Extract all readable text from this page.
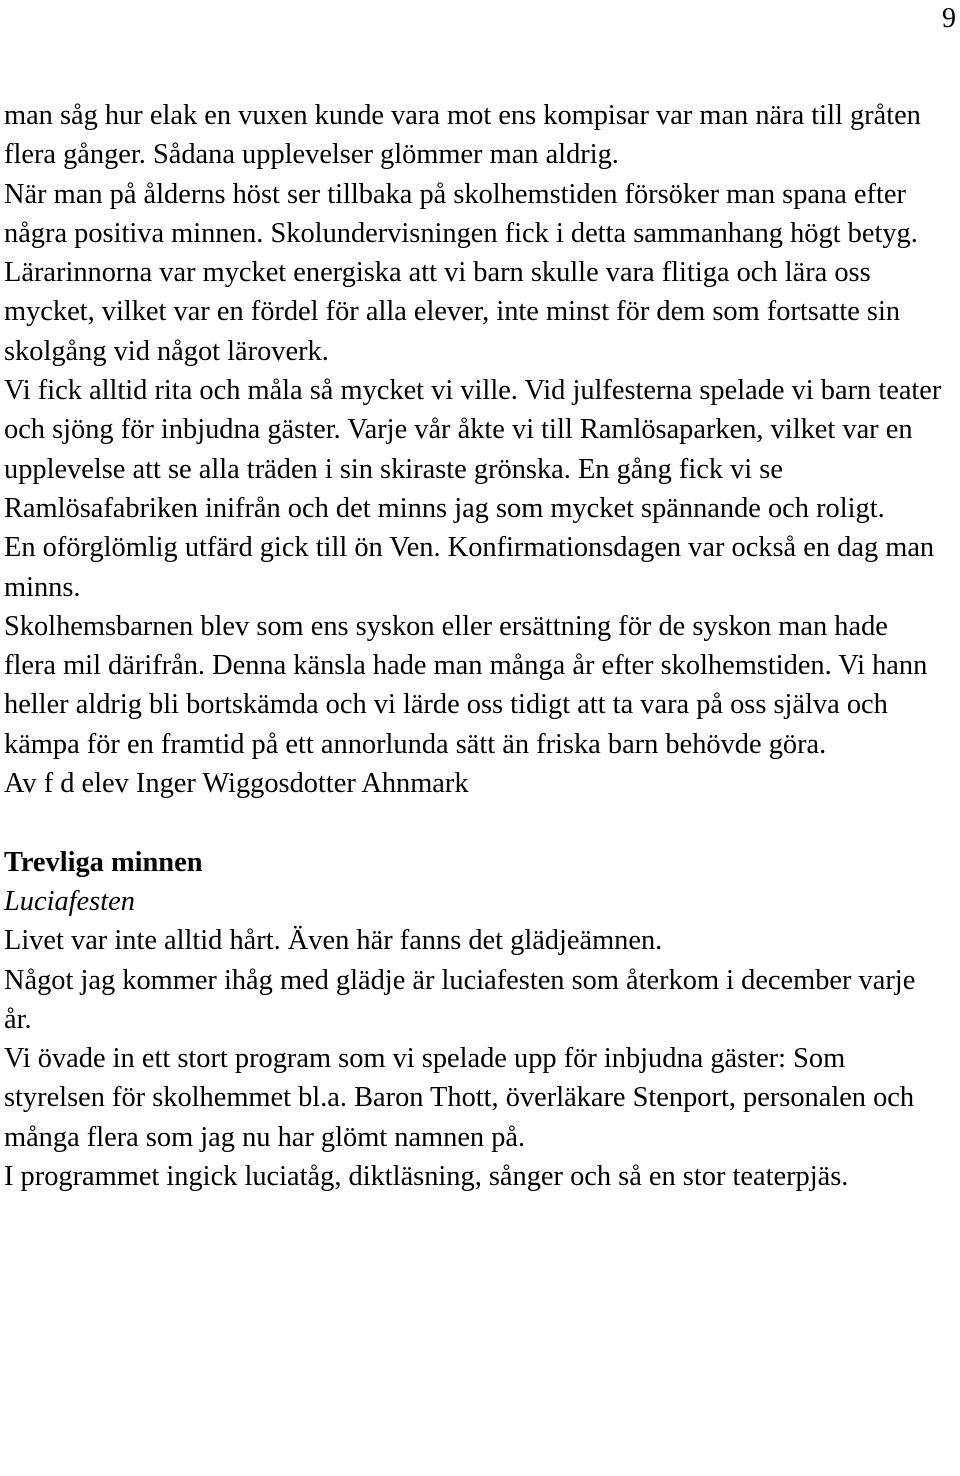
9

man såg hur elak en vuxen kunde vara mot ens kompisar var man nära till gråten flera gånger. Sådana upplevelser glömmer man aldrig.

När man på ålderns höst ser tillbaka på skolhemstiden försöker man spana efter några positiva minnen. Skolundervisningen fick i detta sammanhang högt betyg. Lärarinnorna var mycket energiska att vi barn skulle vara flitiga och lära oss mycket, vilket var en fördel för alla elever, inte minst för dem som fortsatte sin skolgång vid något läroverk.

Vi fick alltid rita och måla så mycket vi ville. Vid julfesterna spelade vi barn teater och sjöng för inbjudna gäster. Varje vår åkte vi till Ramlösaparken, vilket var en upplevelse att se alla träden i sin skiraste grönska. En gång fick vi se Ramlösafabriken inifrån och det minns jag som mycket spännande och roligt.

En oförglömlig utfärd gick till ön Ven. Konfirmationsdagen var också en dag man minns.

Skolhemsbarnen blev som ens syskon eller ersättning för de syskon man hade flera mil därifrån. Denna känsla hade man många år efter skolhemstiden. Vi hann heller aldrig bli bortskämda och vi lärde oss tidigt att ta vara på oss själva och kämpa för en framtid på ett annorlunda sätt än friska barn behövde göra.

Av f d elev Inger Wiggosdotter Ahnmark

Trevliga minnen

Luciafesten

Livet var inte alltid hårt. Även här fanns det glädjeämnen.

Något jag kommer ihåg med glädje är luciafesten som återkom i december varje år.

Vi övade in ett stort program som vi spelade upp för inbjudna gäster: Som styrelsen för skolhemmet bl.a. Baron Thott, överläkare Stenport, personalen och många flera som jag nu har glömt namnen på.

I programmet ingick luciatåg, diktläsning, sånger och så en stor teaterpjäs.
